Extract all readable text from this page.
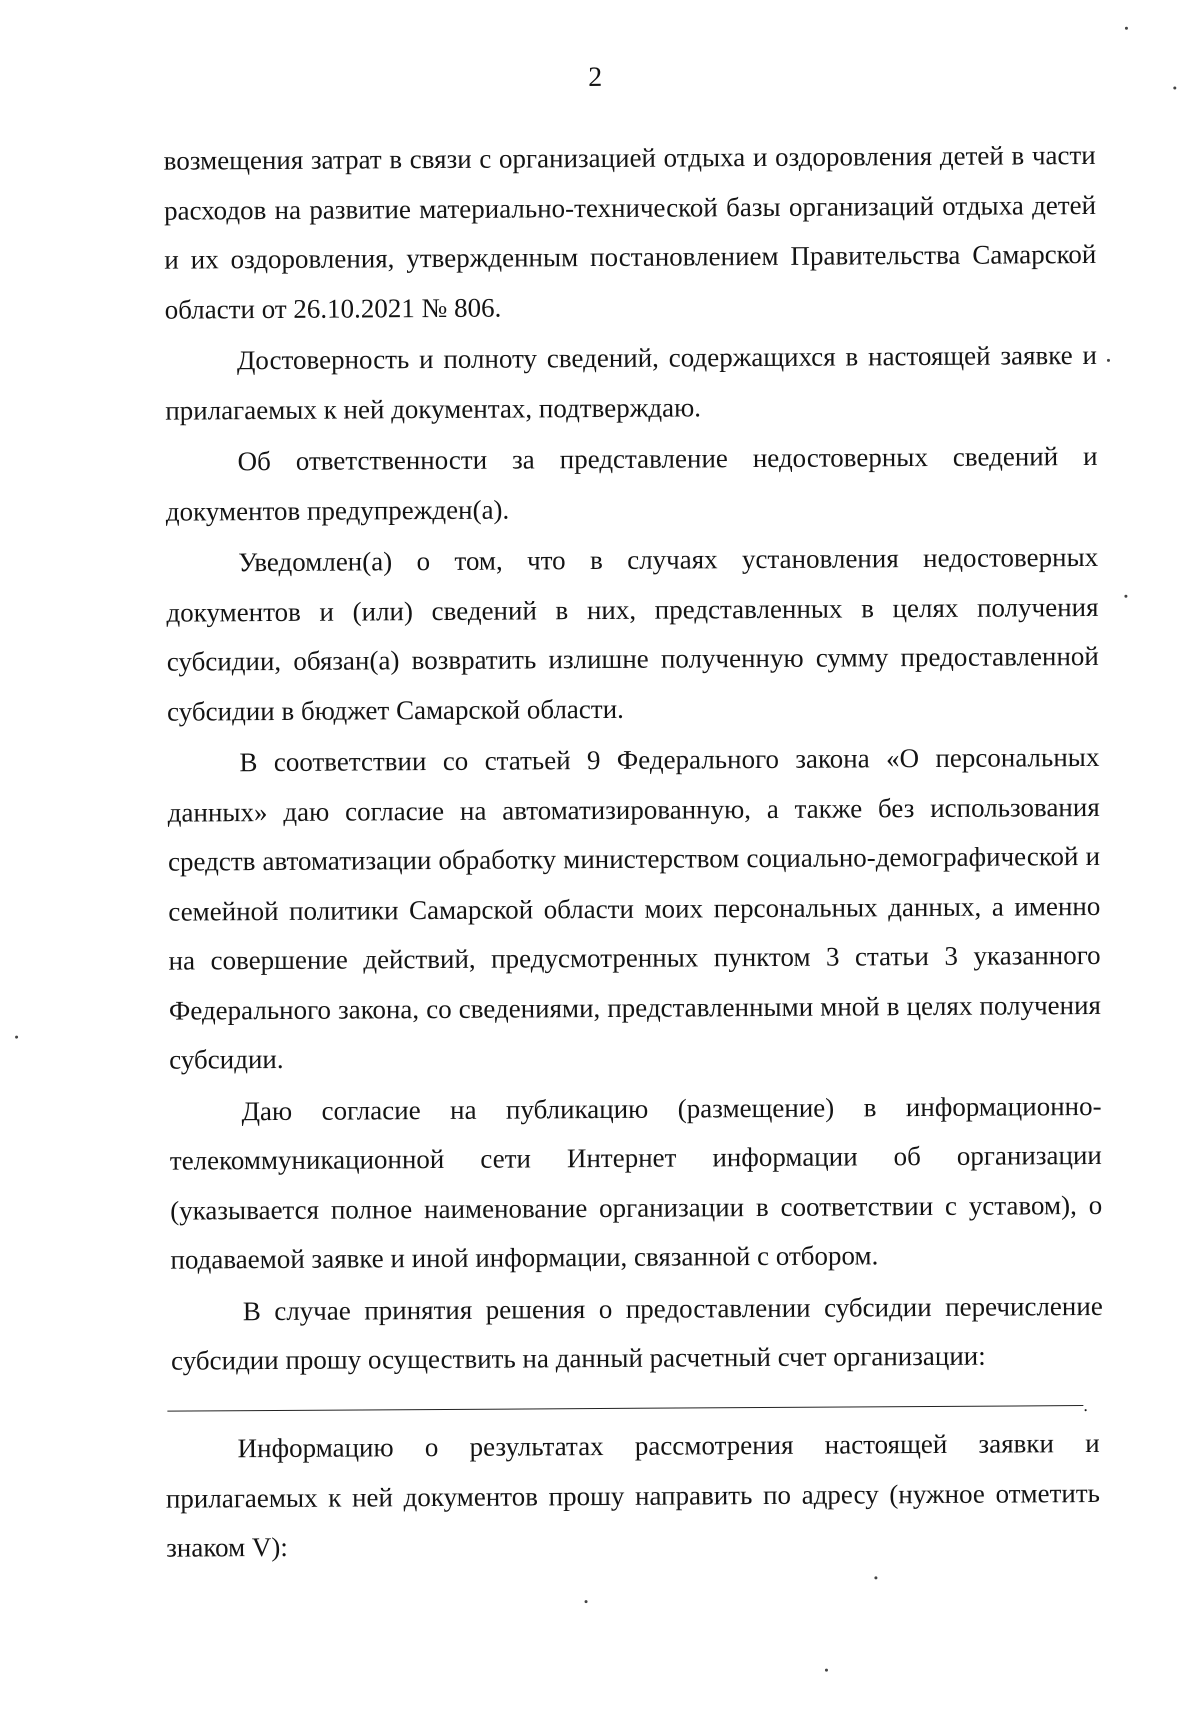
2

возмещения затрат в связи с организацией отдыха и оздоровления детей в части расходов на развитие материально-технической базы организаций отдыха детей и их оздоровления, утвержденным постановлением Правительства Самарской области от 26.10.2021 № 806.

Достоверность и полноту сведений, содержащихся в настоящей заявке и прилагаемых к ней документах, подтверждаю.

Об ответственности за представление недостоверных сведений и документов предупрежден(а).

Уведомлен(а) о том, что в случаях установления недостоверных документов и (или) сведений в них, представленных в целях получения субсидии, обязан(а) возвратить излишне полученную сумму предоставленной субсидии в бюджет Самарской области.

В соответствии со статьей 9 Федерального закона «О персональных данных» даю согласие на автоматизированную, а также без использования средств автоматизации обработку министерством социально-демографической и семейной политики Самарской области моих персональных данных, а именно на совершение действий, предусмотренных пунктом 3 статьи 3 указанного Федерального закона, со сведениями, представленными мной в целях получения субсидии.

Даю согласие на публикацию (размещение) в информационно-телекоммуникационной сети Интернет информации об организации (указывается полное наименование организации в соответствии с уставом), о подаваемой заявке и иной информации, связанной с отбором.

В случае принятия решения о предоставлении субсидии перечисление субсидии прошу осуществить на данный расчетный счет организации:

.

Информацию о результатах рассмотрения настоящей заявки и прилагаемых к ней документов прошу направить по адресу (нужное отметить знаком V):
